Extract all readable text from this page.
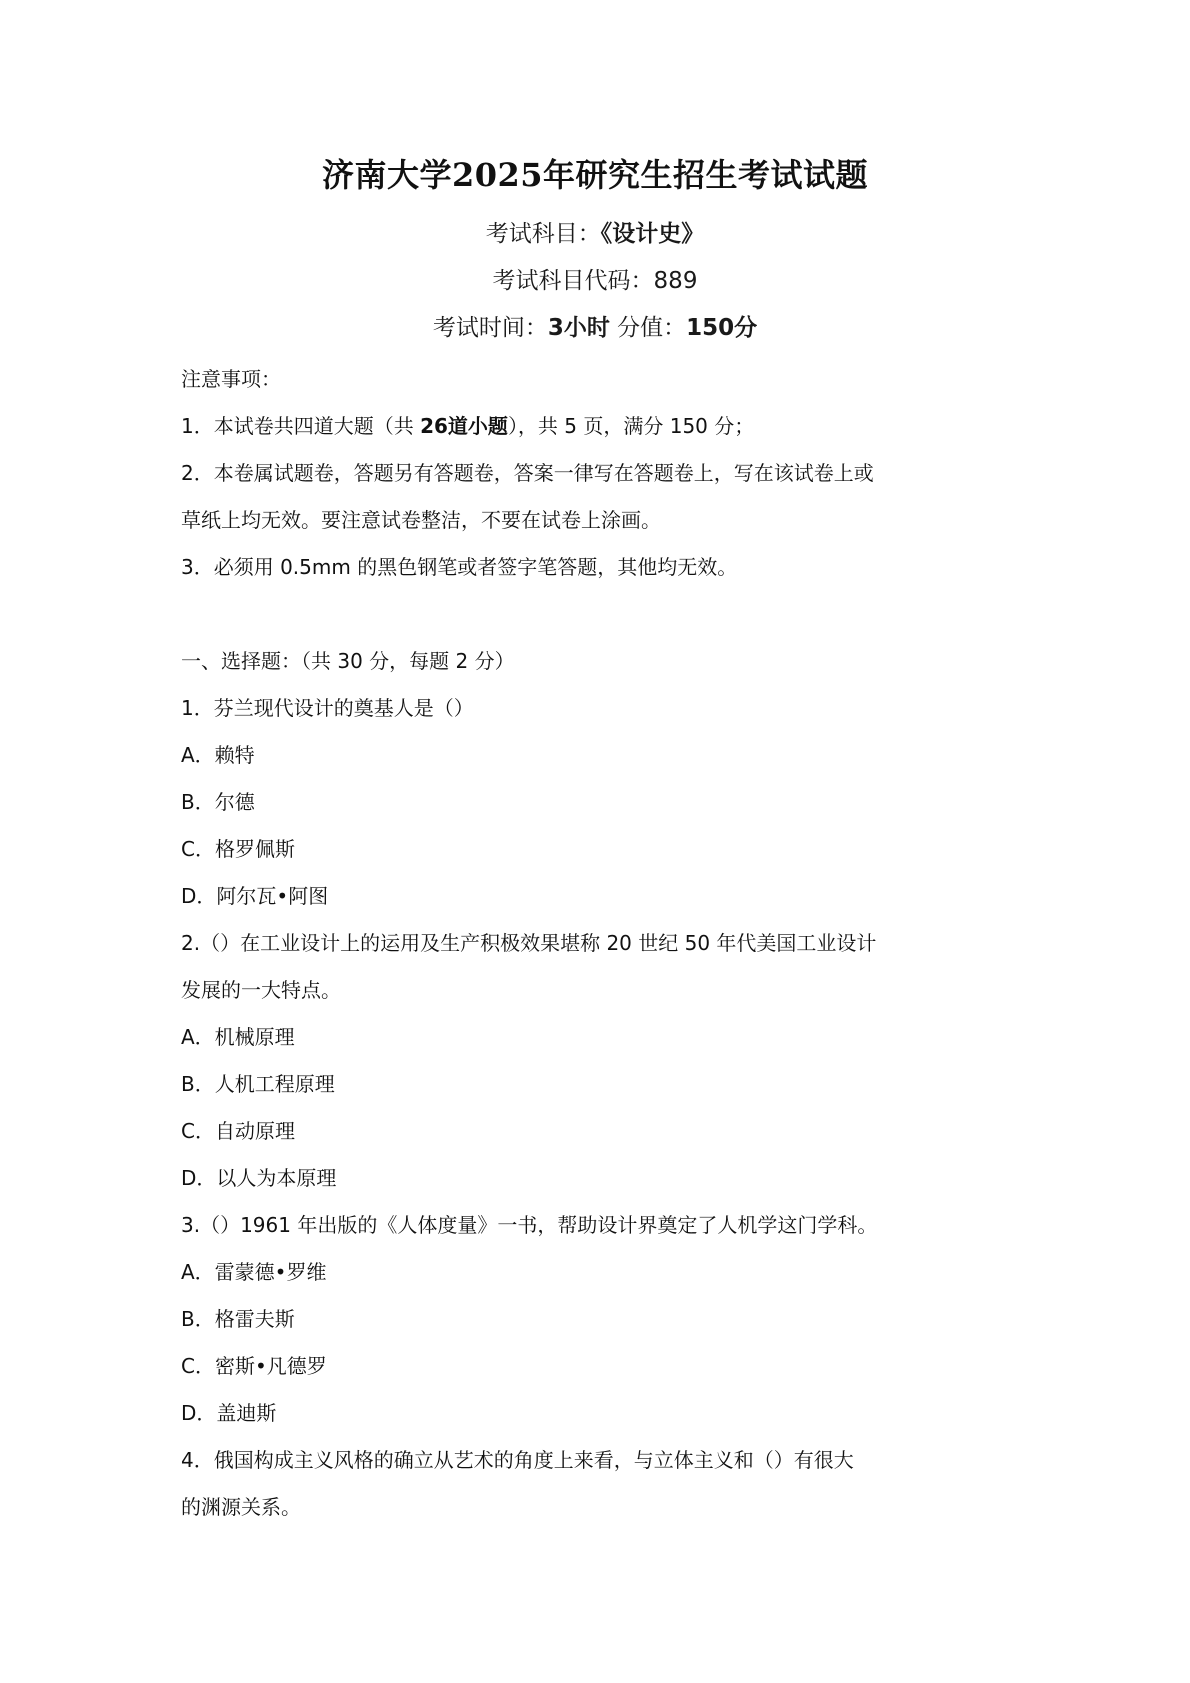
济南大学2025年研究生招生考试试题
考试科目：《设计史》
考试科目代码：889
考试时间：3小时 分值：150分
注意事项：
1．本试卷共四道大题（共 26道小题），共 5 页，满分 150 分；
2．本卷属试题卷，答题另有答题卷，答案一律写在答题卷上，写在该试卷上或
草纸上均无效。要注意试卷整洁，不要在试卷上涂画。
3．必须用 0.5mm 的黑色钢笔或者签字笔答题，其他均无效。
一、选择题：（共 30 分，每题 2 分）
1．芬兰现代设计的奠基人是（）
A．赖特
B．尔德
C．格罗佩斯
D．阿尔瓦•阿图
2.（）在工业设计上的运用及生产积极效果堪称 20 世纪 50 年代美国工业设计
发展的一大特点。
A．机械原理
B．人机工程原理
C．自动原理
D．以人为本原理
3.（）1961 年出版的《人体度量》一书，帮助设计界奠定了人机学这门学科。
A．雷蒙德•罗维
B．格雷夫斯
C．密斯•凡德罗
D．盖迪斯
4．俄国构成主义风格的确立从艺术的角度上来看，与立体主义和（）有很大
的渊源关系。
